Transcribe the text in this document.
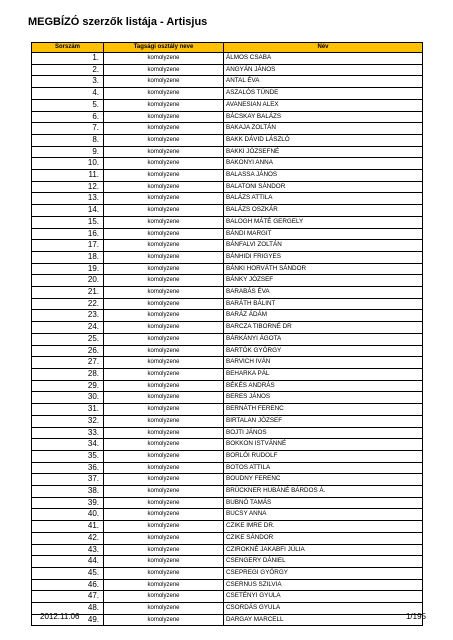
MEGBÍZÓ szerzők listája - Artisjus
Sorszám	Tagsági osztály neve	Név
1.	komolyzene	ÁLMOS CSABA
2.	komolyzene	ANGYÁN JÁNOS
3.	komolyzene	ANTAL ÉVA
4.	komolyzene	ASZALÓS TÜNDE
5.	komolyzene	AVANESIAN ALEX
6.	komolyzene	BÁCSKAY BALÁZS
7.	komolyzene	BAKAJA ZOLTÁN
8.	komolyzene	BAKK DÁVID LÁSZLÓ
9.	komolyzene	BAKKI JÓZSEFNÉ
10.	komolyzene	BAKONYI ANNA
11.	komolyzene	BALASSA JÁNOS
12.	komolyzene	BALATONI SÁNDOR
13.	komolyzene	BALÁZS ATTILA
14.	komolyzene	BALÁZS OSZKÁR
15.	komolyzene	BALOGH MÁTÉ GERGELY
16.	komolyzene	BÁNDI MARGIT
17.	komolyzene	BÁNFALVI ZOLTÁN
18.	komolyzene	BÁNHIDI FRIGYES
19.	komolyzene	BÁNKI HORVÁTH SÁNDOR
20.	komolyzene	BÁNKY JÓZSEF
21.	komolyzene	BARABÁS ÉVA
22.	komolyzene	BARÁTH BÁLINT
23.	komolyzene	BARÁZ ÁDÁM
24.	komolyzene	BARCZA TIBORNÉ DR
25.	komolyzene	BÁRKÁNYI ÁGOTA
26.	komolyzene	BARTÓK GYÖRGY
27.	komolyzene	BARVICH IVÁN
28.	komolyzene	BEHARKA PÁL
29.	komolyzene	BÉKÉS ANDRÁS
30.	komolyzene	BERES JÁNOS
31.	komolyzene	BERNÁTH FERENC
32.	komolyzene	BIRTALAN JÓZSEF
33.	komolyzene	BOJTI JÁNOS
34.	komolyzene	BOKKON ISTVÁNNÉ
35.	komolyzene	BORLÓI RUDOLF
36.	komolyzene	BOTOS ATTILA
37.	komolyzene	BOUDNY FERENC
38.	komolyzene	BRÜCKNER HUBÁNÉ BÁRDOS Á.
39.	komolyzene	BUBNÓ TAMÁS
40.	komolyzene	BUCSY ANNA
41.	komolyzene	CZIKE IMRE DR.
42.	komolyzene	CZIKE SÁNDOR
43.	komolyzene	CZIROKNÉ JAKABFI JÚLIA
44.	komolyzene	CSENGERY DÁNIEL
45.	komolyzene	CSEPREGI GYÖRGY
46.	komolyzene	CSERNUS SZILVIA
47.	komolyzene	CSETÉNYI GYULA
48.	komolyzene	CSORDÁS GYULA
49.	komolyzene	DARGAY MARCELL
2012.11.06	1/195
